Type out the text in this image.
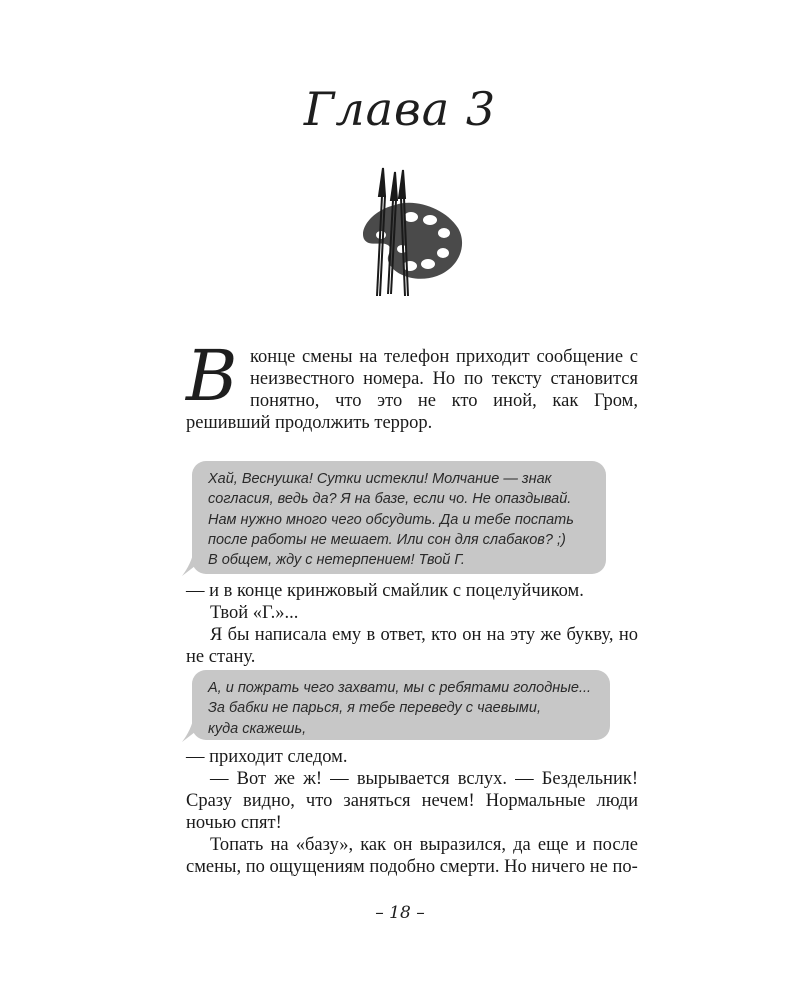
Глава 3
В конце смены на телефон приходит сообщение с неизвестного номера. Но по тексту становится понятно, что это не кто иной, как Гром, решивший продолжить террор.

Хай, Веснушка! Сутки истекли! Молчание — знак
согласия, ведь да? Я на базе, если чо. Не опаздывай.
Нам нужно много чего обсудить. Да и тебе поспать
после работы не мешает. Или сон для слабаков? ;)
В общем, жду с нетерпением! Твой Г.

— и в конце кринжовый смайлик с поцелуйчиком.

Твой «Г.»...

Я бы написала ему в ответ, кто он на эту же букву, но не стану.

А, и пожрать чего захвати, мы с ребятами голодные...
За бабки не парься, я тебе переведу с чаевыми,
куда скажешь,

— приходит следом.

— Вот же ж! — вырывается вслух. — Бездельник! Сразу видно, что заняться нечем! Нормальные люди ночью спят!

Топать на «базу», как он выразился, да еще и после смены, по ощущениям подобно смерти. Но ничего не по-

– 18 –
